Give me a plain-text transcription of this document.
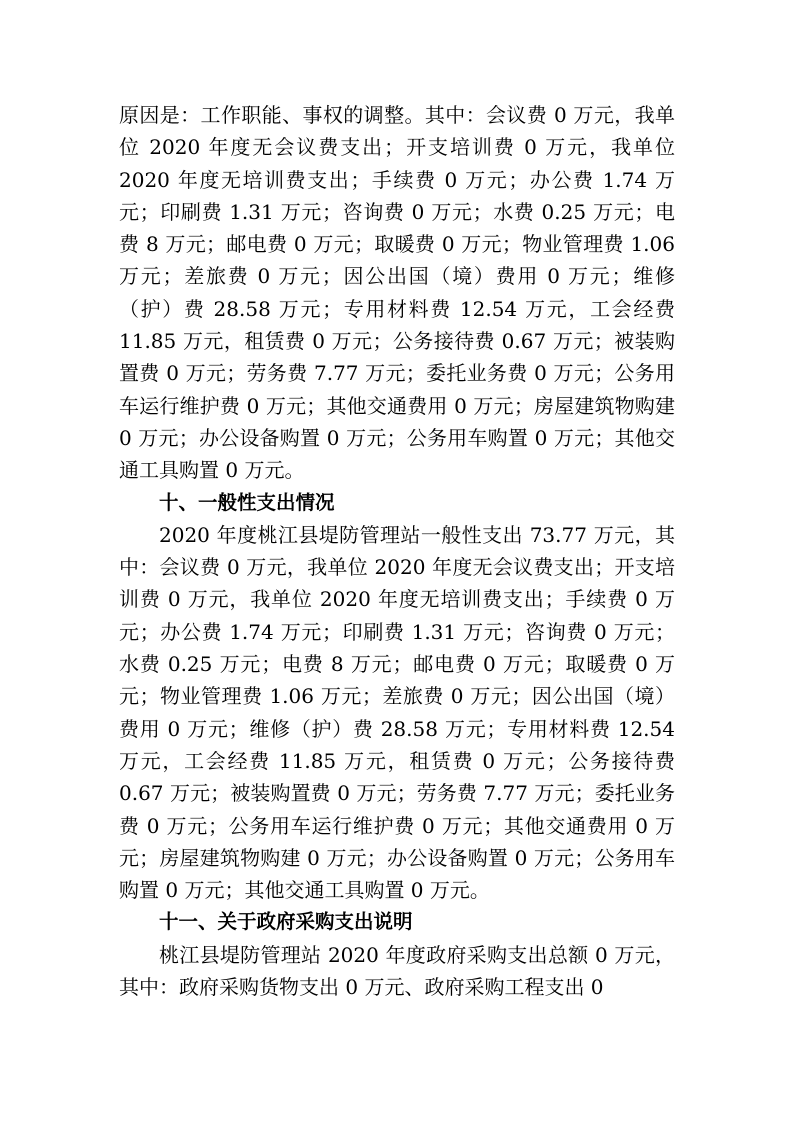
原因是：工作职能、事权的调整。其中：会议费 0 万元，我单位 2020 年度无会议费支出；开支培训费 0 万元，我单位 2020 年度无培训费支出；手续费 0 万元；办公费 1.74 万元；印刷费 1.31 万元；咨询费 0 万元；水费 0.25 万元；电费 8 万元；邮电费 0 万元；取暖费 0 万元；物业管理费 1.06 万元；差旅费 0 万元；因公出国（境）费用 0 万元；维修（护）费 28.58 万元；专用材料费 12.54 万元，工会经费 11.85 万元，租赁费 0 万元；公务接待费 0.67 万元；被装购置费 0 万元；劳务费 7.77 万元；委托业务费 0 万元；公务用车运行维护费 0 万元；其他交通费用 0 万元；房屋建筑物购建 0 万元；办公设备购置 0 万元；公务用车购置 0 万元；其他交通工具购置 0 万元。

十、一般性支出情况

2020 年度桃江县堤防管理站一般性支出 73.77 万元，其中：会议费 0 万元，我单位 2020 年度无会议费支出；开支培训费 0 万元，我单位 2020 年度无培训费支出；手续费 0 万元；办公费 1.74 万元；印刷费 1.31 万元；咨询费 0 万元；水费 0.25 万元；电费 8 万元；邮电费 0 万元；取暖费 0 万元；物业管理费 1.06 万元；差旅费 0 万元；因公出国（境）费用 0 万元；维修（护）费 28.58 万元；专用材料费 12.54 万元，工会经费 11.85 万元，租赁费 0 万元；公务接待费 0.67 万元；被装购置费 0 万元；劳务费 7.77 万元；委托业务费 0 万元；公务用车运行维护费 0 万元；其他交通费用 0 万元；房屋建筑物购建 0 万元；办公设备购置 0 万元；公务用车购置 0 万元；其他交通工具购置 0 万元。

十一、关于政府采购支出说明

桃江县堤防管理站 2020 年度政府采购支出总额 0 万元，其中：政府采购货物支出 0 万元、政府采购工程支出 0
